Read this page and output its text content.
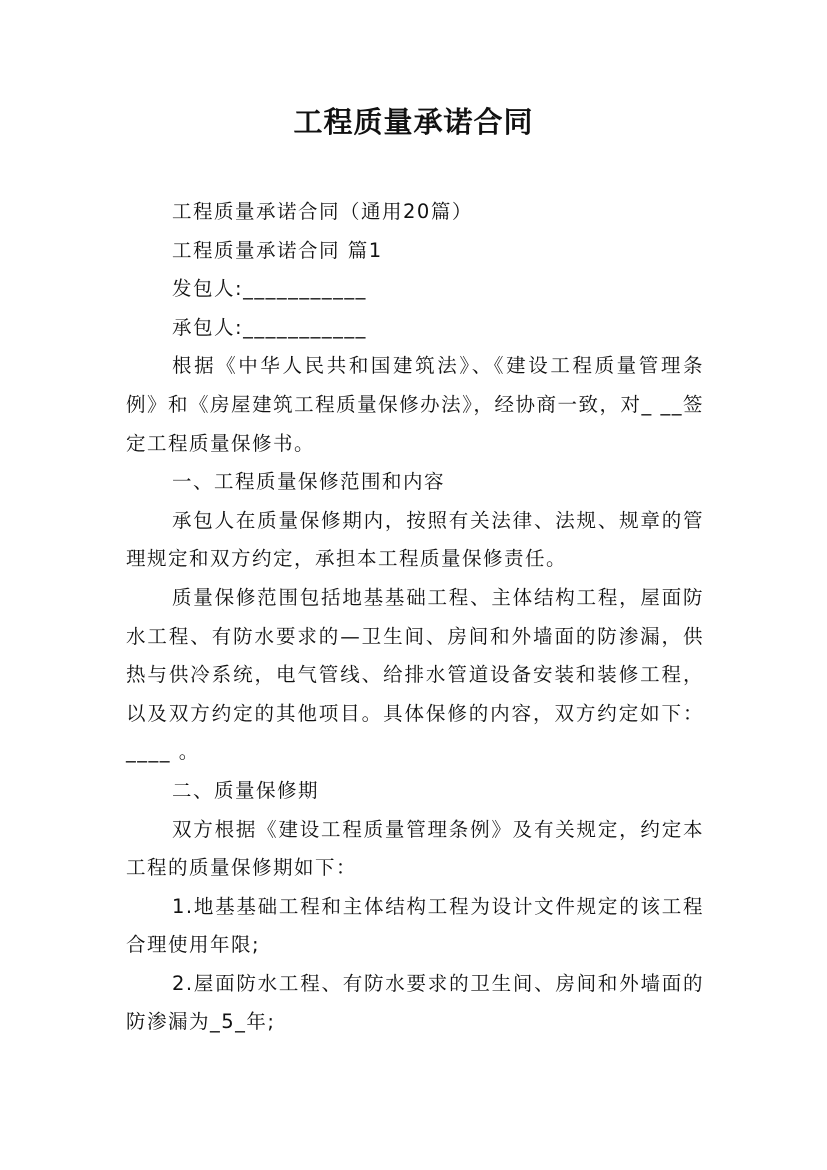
工程质量承诺合同

工程质量承诺合同（通用20篇）

工程质量承诺合同 篇1

发包人:___________

承包人:___________

根据《中华人民共和国建筑法》、《建设工程质量管理条例》和《房屋建筑工程质量保修办法》，经协商一致，对_ __签定工程质量保修书。

一、工程质量保修范围和内容

承包人在质量保修期内，按照有关法律、法规、规章的管理规定和双方约定，承担本工程质量保修责任。

质量保修范围包括地基基础工程、主体结构工程，屋面防水工程、有防水要求的—卫生间、房间和外墙面的防渗漏，供热与供冷系统，电气管线、给排水管道设备安装和装修工程，以及双方约定的其他项目。具体保修的内容，双方约定如下：____ 。

二、质量保修期

双方根据《建设工程质量管理条例》及有关规定，约定本工程的质量保修期如下：

1.地基基础工程和主体结构工程为设计文件规定的该工程合理使用年限;

2.屋面防水工程、有防水要求的卫生间、房间和外墙面的防渗漏为_5_年;
